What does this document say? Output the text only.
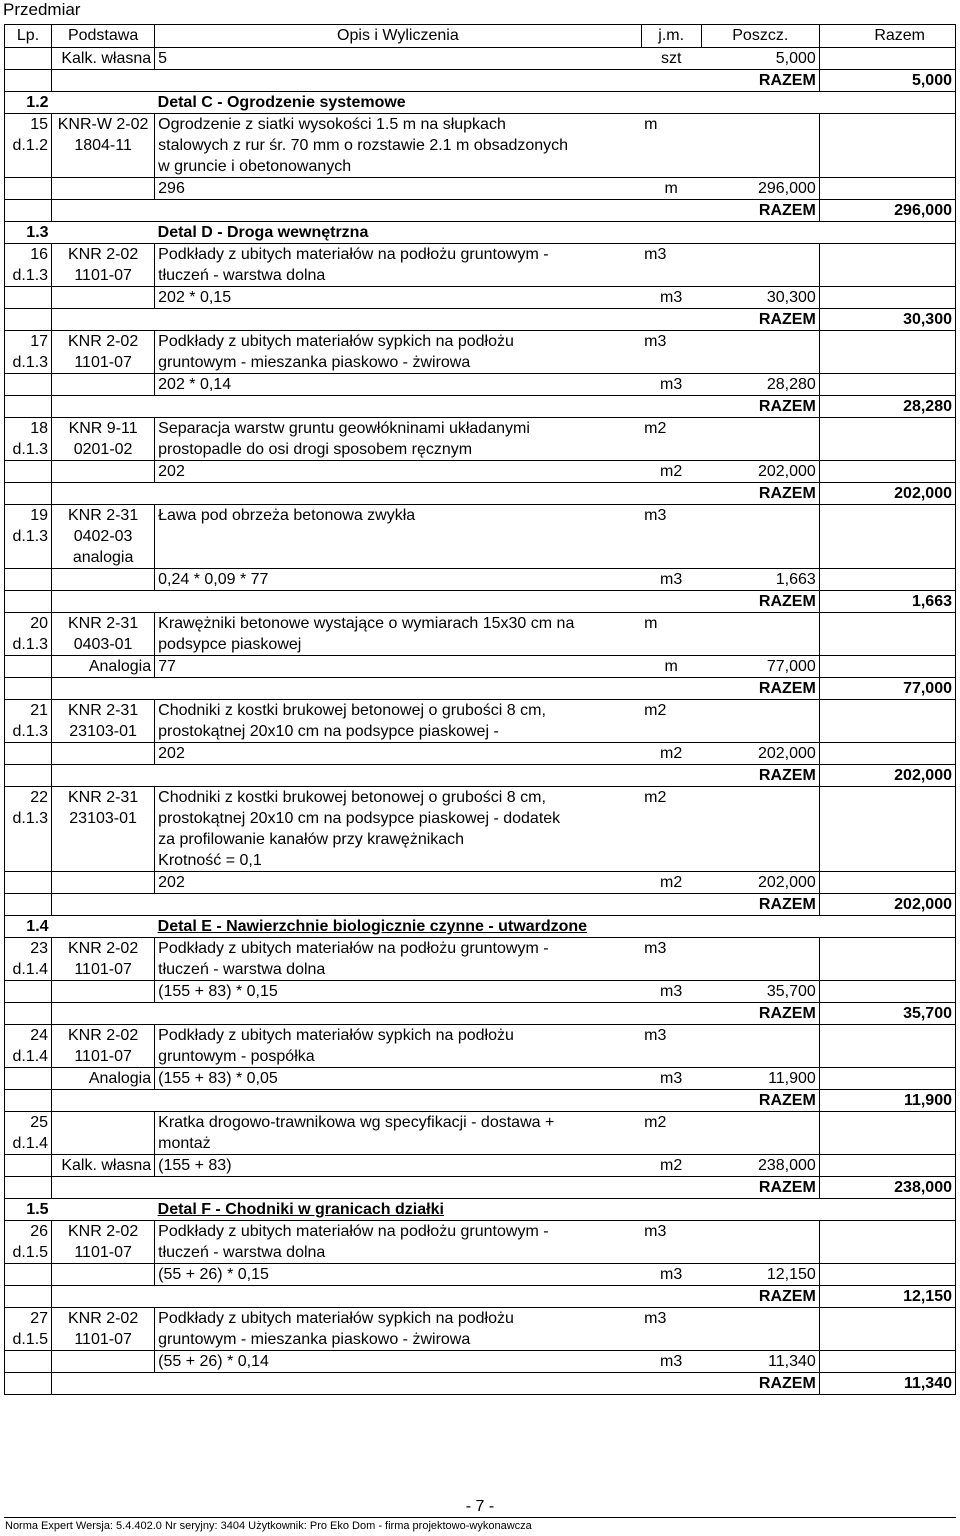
Przedmiar
Lp.	Podstawa	Opis i Wyliczenia	j.m.	Poszcz.	Razem
	Kalk. własna	5	szt	5,000	
				RAZEM	5,000
1.2		Detal C - Ogrodzenie systemowe			
15	KNR-W 2-02	Ogrodzenie z siatki wysokości 1.5 m na słupkach	m		
d.1.2	1804-11	stalowych z rur śr. 70 mm o rozstawie 2.1 m obsadzonych			
		w gruncie i obetonowanych			
		296	m	296,000	
				RAZEM	296,000
1.3		Detal D - Droga wewnętrzna			
16	KNR 2-02	Podkłady z ubitych materiałów na podłożu gruntowym -	m3		
d.1.3	1101-07	tłuczeń - warstwa dolna			
		202 * 0,15	m3	30,300	
				RAZEM	30,300
17	KNR 2-02	Podkłady z ubitych materiałów sypkich na podłożu	m3		
d.1.3	1101-07	gruntowym - mieszanka piaskowo - żwirowa			
		202 * 0,14	m3	28,280	
				RAZEM	28,280
18	KNR 9-11	Separacja warstw gruntu geowłókninami układanymi	m2		
d.1.3	0201-02	prostopadle do osi drogi sposobem ręcznym			
		202	m2	202,000	
				RAZEM	202,000
19	KNR 2-31	Ława pod obrzeża betonowa zwykła	m3		
d.1.3	0402-03				
	analogia				
		0,24 * 0,09 * 77	m3	1,663	
				RAZEM	1,663
20	KNR 2-31	Krawężniki betonowe wystające o wymiarach 15x30 cm na	m		
d.1.3	0403-01	podsypce piaskowej			
	Analogia	77	m	77,000	
				RAZEM	77,000
21	KNR 2-31	Chodniki z kostki brukowej betonowej o grubości 8 cm,	m2		
d.1.3	23103-01	prostokątnej 20x10 cm na podsypce piaskowej -			
		202	m2	202,000	
				RAZEM	202,000
22	KNR 2-31	Chodniki z kostki brukowej betonowej o grubości 8 cm,	m2		
d.1.3	23103-01	prostokątnej 20x10 cm na podsypce piaskowej - dodatek			
		za profilowanie kanałów przy krawężnikach			
		Krotność = 0,1			
		202	m2	202,000	
				RAZEM	202,000
1.4		Detal E - Nawierzchnie biologicznie czynne - utwardzone			
23	KNR 2-02	Podkłady z ubitych materiałów na podłożu gruntowym -	m3		
d.1.4	1101-07	tłuczeń - warstwa dolna			
		(155 + 83) * 0,15	m3	35,700	
				RAZEM	35,700
24	KNR 2-02	Podkłady z ubitych materiałów sypkich na podłożu	m3		
d.1.4	1101-07	gruntowym - pospółka			
	Analogia	(155 + 83) * 0,05	m3	11,900	
				RAZEM	11,900
25		Kratka drogowo-trawnikowa wg specyfikacji - dostawa +	m2		
d.1.4		montaż			
	Kalk. własna	(155 + 83)	m2	238,000	
				RAZEM	238,000
1.5		Detal F - Chodniki w granicach działki			
26	KNR 2-02	Podkłady z ubitych materiałów na podłożu gruntowym -	m3		
d.1.5	1101-07	tłuczeń - warstwa dolna			
		(55 + 26) * 0,15	m3	12,150	
				RAZEM	12,150
27	KNR 2-02	Podkłady z ubitych materiałów sypkich na podłożu	m3		
d.1.5	1101-07	gruntowym - mieszanka piaskowo - żwirowa			
		(55 + 26) * 0,14	m3	11,340	
				RAZEM	11,340
- 7 -
Norma Expert Wersja: 5.4.402.0 Nr seryjny: 3404 Użytkownik: Pro Eko Dom - firma projektowo-wykonawcza
